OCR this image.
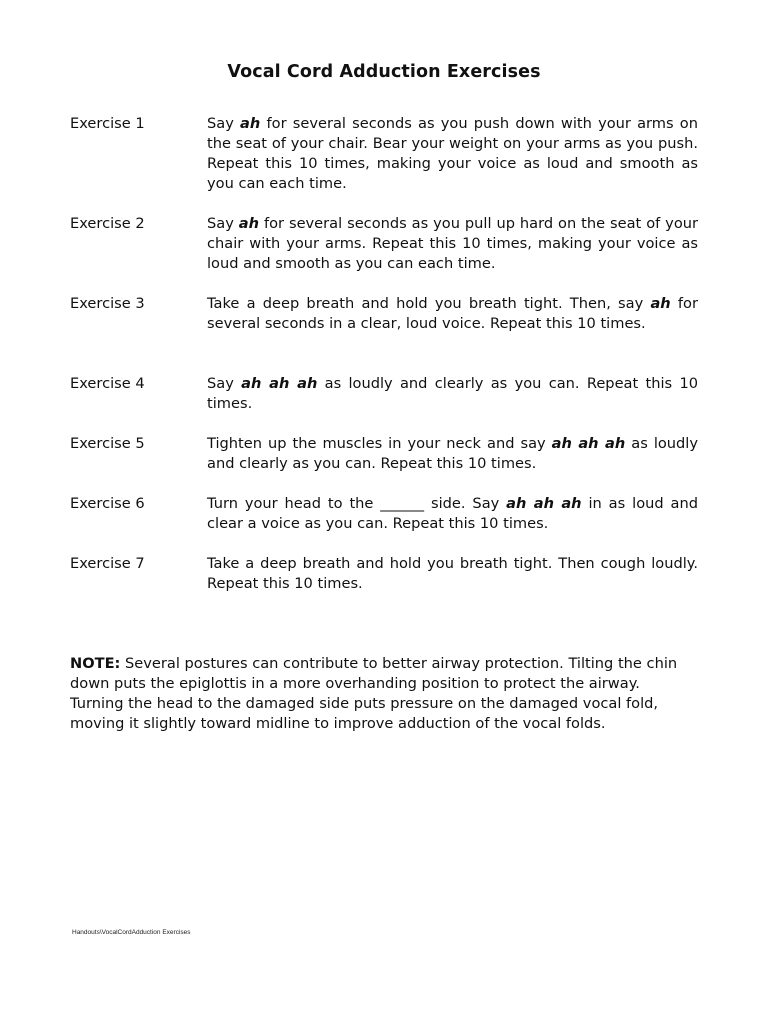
Vocal Cord Adduction Exercises
Exercise 1	Say ah for several seconds as you push down with your arms on the seat of your chair. Bear your weight on your arms as you push. Repeat this 10 times, making your voice as loud and smooth as you can each time.
Exercise 2	Say ah for several seconds as you pull up hard on the seat of your chair with your arms. Repeat this 10 times, making your voice as loud and smooth as you can each time.
Exercise 3	Take a deep breath and hold you breath tight. Then, say ah for several seconds in a clear, loud voice. Repeat this 10 times.
Exercise 4	Say ah ah ah as loudly and clearly as you can. Repeat this 10 times.
Exercise 5	Tighten up the muscles in your neck and say ah ah ah as loudly and clearly as you can. Repeat this 10 times.
Exercise 6	Turn your head to the ______ side. Say ah ah ah in as loud and clear a voice as you can. Repeat this 10 times.
Exercise 7	Take a deep breath and hold you breath tight. Then cough loudly. Repeat this 10 times.
NOTE: Several postures can contribute to better airway protection. Tilting the chin down puts the epiglottis in a more overhanding position to protect the airway. Turning the head to the damaged side puts pressure on the damaged vocal fold, moving it slightly toward midline to improve adduction of the vocal folds.
Handouts\VocalCordAdduction Exercises
